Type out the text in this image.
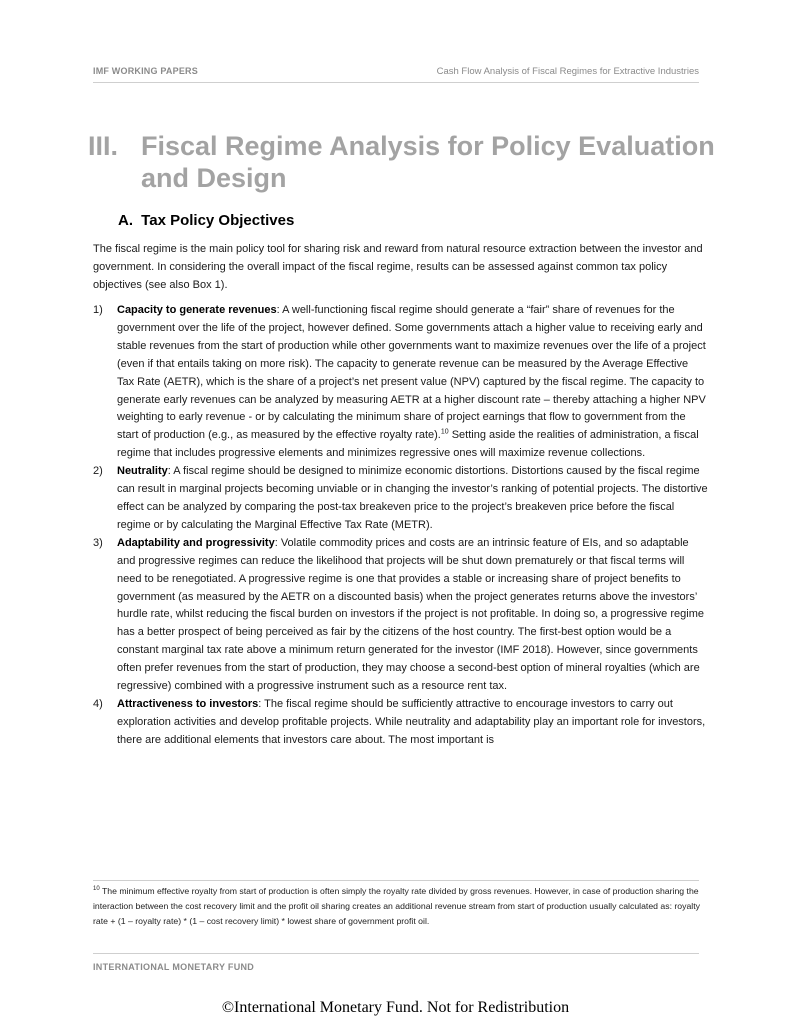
IMF WORKING PAPERS	Cash Flow Analysis of Fiscal Regimes for Extractive Industries
III. Fiscal Regime Analysis for Policy Evaluation and Design
A. Tax Policy Objectives

The fiscal regime is the main policy tool for sharing risk and reward from natural resource extraction between the investor and government. In considering the overall impact of the fiscal regime, results can be assessed against common tax policy objectives (see also Box 1).

1) Capacity to generate revenues: A well-functioning fiscal regime should generate a “fair” share of revenues for the government over the life of the project, however defined. Some governments attach a higher value to receiving early and stable revenues from the start of production while other governments want to maximize revenues over the life of a project (even if that entails taking on more risk). The capacity to generate revenue can be measured by the Average Effective Tax Rate (AETR), which is the share of a project’s net present value (NPV) captured by the fiscal regime. The capacity to generate early revenues can be analyzed by measuring AETR at a higher discount rate – thereby attaching a higher NPV weighting to early revenue - or by calculating the minimum share of project earnings that flow to government from the start of production (e.g., as measured by the effective royalty rate).$^{10}$ Setting aside the realities of administration, a fiscal regime that includes progressive elements and minimizes regressive ones will maximize revenue collections.
2) Neutrality: A fiscal regime should be designed to minimize economic distortions. Distortions caused by the fiscal regime can result in marginal projects becoming unviable or in changing the investor’s ranking of potential projects. The distortive effect can be analyzed by comparing the post-tax breakeven price to the project’s breakeven price before the fiscal regime or by calculating the Marginal Effective Tax Rate (METR).
3) Adaptability and progressivity: Volatile commodity prices and costs are an intrinsic feature of EIs, and so adaptable and progressive regimes can reduce the likelihood that projects will be shut down prematurely or that fiscal terms will need to be renegotiated. A progressive regime is one that provides a stable or increasing share of project benefits to government (as measured by the AETR on a discounted basis) when the project generates returns above the investors’ hurdle rate, whilst reducing the fiscal burden on investors if the project is not profitable. In doing so, a progressive regime has a better prospect of being perceived as fair by the citizens of the host country. The first-best option would be a constant marginal tax rate above a minimum return generated for the investor (IMF 2018). However, since governments often prefer revenues from the start of production, they may choose a second-best option of mineral royalties (which are regressive) combined with a progressive instrument such as a resource rent tax.
4) Attractiveness to investors: The fiscal regime should be sufficiently attractive to encourage investors to carry out exploration activities and develop profitable projects. While neutrality and adaptability play an important role for investors, there are additional elements that investors care about. The most important is
$^{10}$ The minimum effective royalty from start of production is often simply the royalty rate divided by gross revenues. However, in case of production sharing the interaction between the cost recovery limit and the profit oil sharing creates an additional revenue stream from start of production usually calculated as: royalty rate + (1 – royalty rate) * (1 – cost recovery limit) * lowest share of government profit oil.
INTERNATIONAL MONETARY FUND
©International Monetary Fund. Not for Redistribution
